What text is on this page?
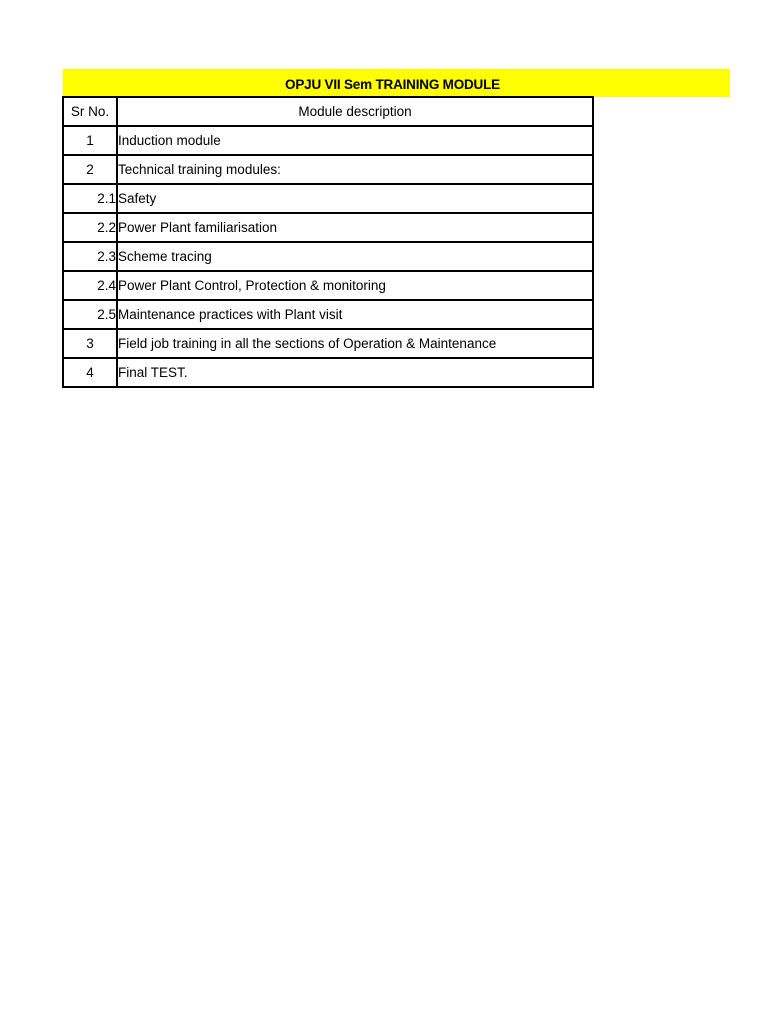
OPJU VII Sem TRAINING MODULE
Sr No.	Module description
1	Induction module
2	Technical training modules:
2.1	Safety
2.2	Power Plant familiarisation
2.3	Scheme tracing
2.4	Power Plant Control, Protection & monitoring
2.5	Maintenance practices with Plant visit
3	Field job training in all the sections of Operation & Maintenance
4	Final TEST.
